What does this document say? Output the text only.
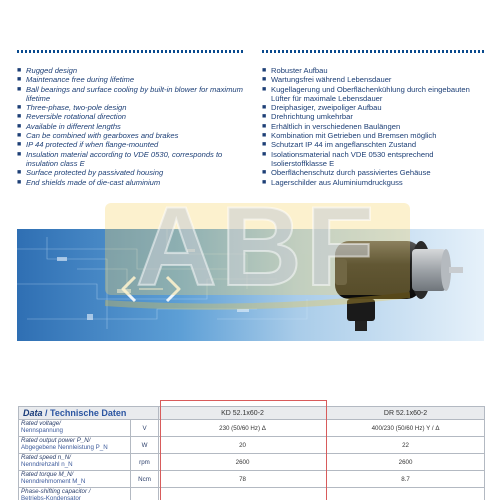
■ Rugged design
■ Maintenance free during lifetime
■ Ball bearings and surface cooling by built-in blower for maximum lifetime
■ Three-phase, two-pole design
■ Reversible rotational direction
■ Available in different lengths
■ Can be combined with gearboxes and brakes
■ IP 44 protected if when flange-mounted
■ Insulation material according to VDE 0530, corresponds to insulation class E
■ Surface protected by passivated housing
■ End shields made of die-cast aluminium
■ Robuster Aufbau
■ Wartungsfrei während Lebensdauer
■ Kugellagerung und Oberflächenkühlung durch eingebauten Lüfter für maximale Lebensdauer
■ Dreiphasiger, zweipoliger Aufbau
■ Drehrichtung umkehrbar
■ Erhältlich in verschiedenen Baulängen
■ Kombination mit Getrieben und Bremsen möglich
■ Schutzart IP 44 im angeflanschten Zustand
■ Isolationsmaterial nach VDE 0530 entsprechend Isolierstoffklasse E
■ Oberflächenschutz durch passiviertes Gehäuse
■ Lagerschilder aus Aluminiumdruckguss
ABF
Data / Technische Daten		KD 52.1x60-2	DR 52.1x60-2

Rated voltage/
Nennspannung	V	230 (50/60 Hz) Δ	400/230 (50/60 Hz) Y / Δ

Rated output power P_N/
Abgegebene Nennleistung P_N	W	20	22

Rated speed n_N/
Nenndrehzahl n_N	rpm	2600	2600

Rated torque M_N/
Nenndrehmoment M_N	Ncm	78	8.7

Phase-shifting capacitor /
Betriebs-Kondensator			
